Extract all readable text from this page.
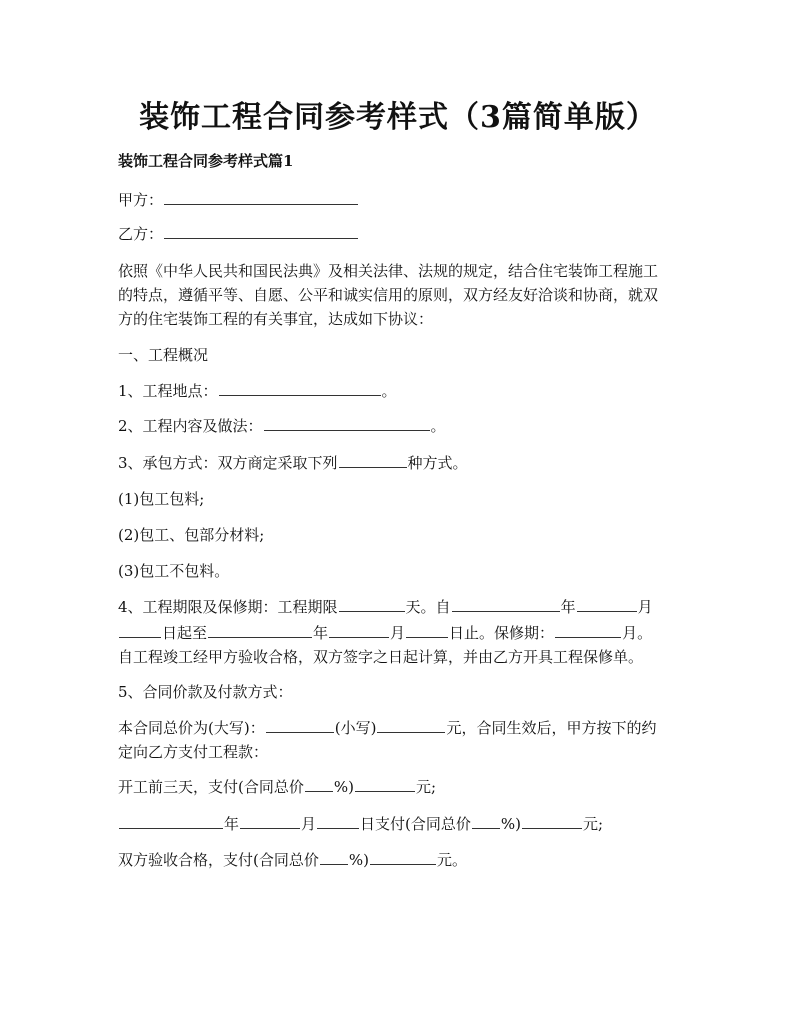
装饰工程合同参考样式（3篇简单版）

装饰工程合同参考样式篇1

甲方：

乙方：

依照《中华人民共和国民法典》及相关法律、法规的规定，结合住宅装饰工程施工

的特点，遵循平等、自愿、公平和诚实信用的原则，双方经友好洽谈和协商，就双

方的住宅装饰工程的有关事宜，达成如下协议：

一、工程概况

1、工程地点：	。

2、工程内容及做法：	。

3、承包方式：双方商定采取下列	种方式。

(1)包工包料;

(2)包工、包部分材料;

(3)包工不包料。

4、工程期限及保修期：工程期限	天。自	年	月

日起至	年	月	日止。保修期：	月。

自工程竣工经甲方验收合格，双方签字之日起计算，并由乙方开具工程保修单。

5、合同价款及付款方式：

本合同总价为(大写)：	(小写)	元，合同生效后，甲方按下的约

定向乙方支付工程款：

开工前三天，支付(合同总价 %)	元;

年	月	日支付(合同总价 %)	元;

双方验收合格，支付(合同总价 %)	元。
